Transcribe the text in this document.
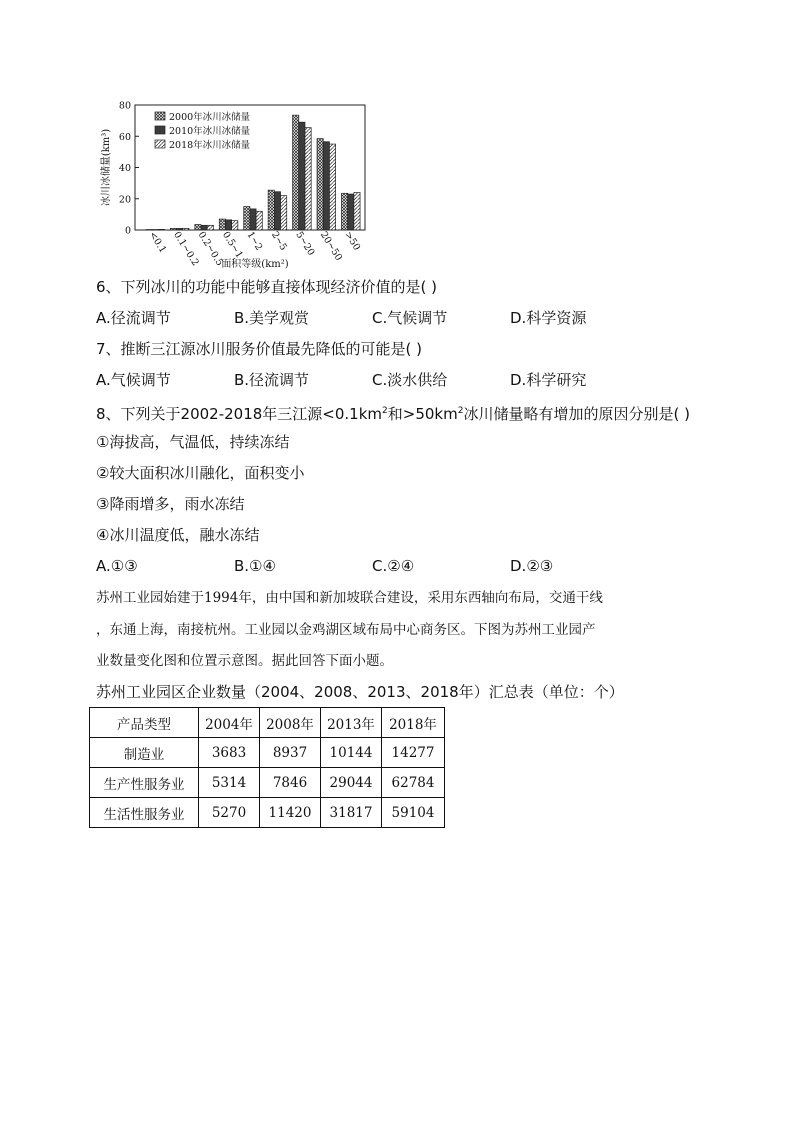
0
20
40
60
80
冰川冰储量(km³)
<0.1 0.1~0.2
0.2~0.5
0.5~1 1~2 2~5 5~20 20~50
>50
面积等级(km²)
2000年冰川冰储量
2010年冰川冰储量
2018年冰川冰储量
6、下列冰川的功能中能够直接体现经济价值的是( )
A.径流调节	B.美学观赏	C.气候调节	D.科学资源
7、推断三江源冰川服务价值最先降低的可能是( )
A.气候调节	B.径流调节	C.淡水供给	D.科学研究
8、下列关于2002-2018年三江源$<0.1km^2$和$>50km^2$冰川储量略有增加的原因分别是( )
①海拔高，气温低，持续冻结
②较大面积冰川融化，面积变小
③降雨增多，雨水冻结
④冰川温度低，融水冻结
A.①③	B.①④	C.②④	D.②③
苏州工业园始建于1994年，由中国和新加坡联合建设，采用东西轴向布局，交通干线
，东通上海，南接杭州。工业园以金鸡湖区域布局中心商务区。下图为苏州工业园产
业数量变化图和位置示意图。据此回答下面小题。
苏州工业园区企业数量（2004、2008、2013、2018年）汇总表（单位：个）
产品类型	2004年	2008年	2013年	2018年
制造业	3683	8937	10144	14277
生产性服务业	5314	7846	29044	62784
生活性服务业	5270	11420	31817	59104
